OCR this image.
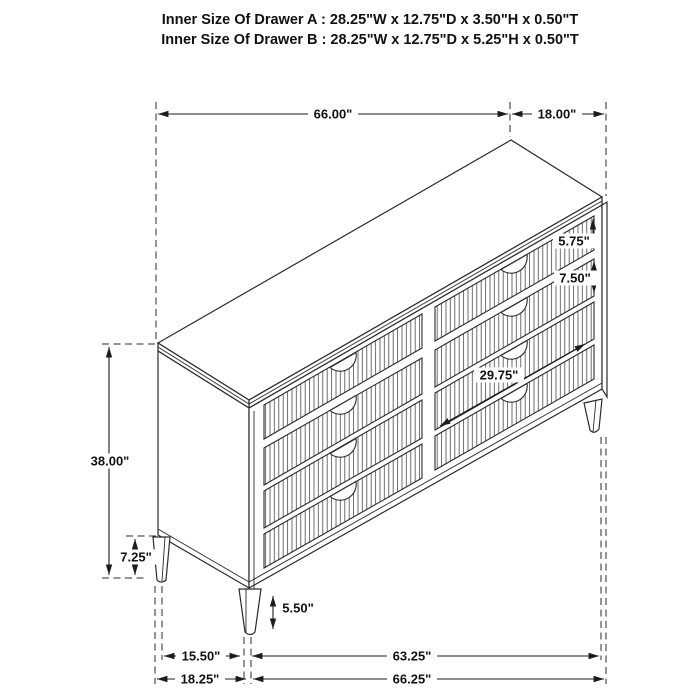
Inner Size Of Drawer A : 28.25"W x 12.75"D x 3.50"H x 0.50"T
Inner Size Of Drawer B : 28.25"W x 12.75"D x 5.25"H x 0.50"T
66.00"	18.00"
38.00"
7.25"
5.75"
7.50"
29.75"
5.50"
15.50"	63.25"
18.25"	66.25"
